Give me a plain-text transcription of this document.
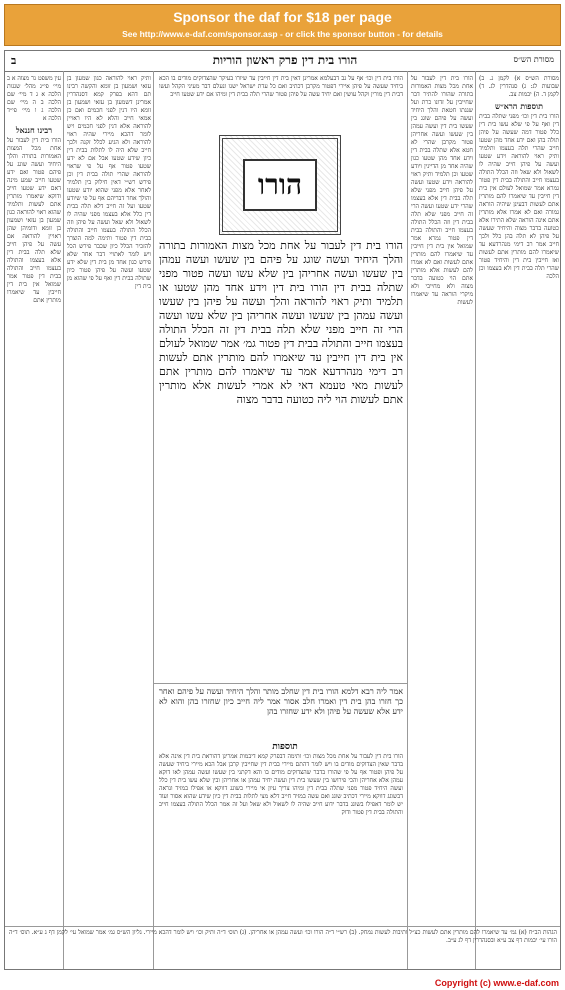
Sponsor the daf for $18 per page
See http://www.e-daf.com/sponsor.asp - or click the sponsor button - for details
מסורת הש״ס
הורו בית דין פרק ראשון הוריות
ב
עין משפט נר מצוה א ב מיי׳ פי״ג מהל׳ שגגות הלכה א ג ד מיי׳ שם הלכה ב ה מיי׳ שם הלכה ג ו מיי׳ פי״ד הלכה א
רבינו חננאל
הורו בית דין לעבור על אחת מכל המצות האמורות בתורה והלך היחיד ועשה שוגג על פיהם פטור ואם ידע שטעו חייב שמע מינה דאם ידע שטעו חייב ודוקא שיאמרו מותרין אתם לעשות ותלמיד שהוא ראוי להוראה כגון שמעון בן עזאי ושמעון בן זומא ודומיהן שהן ראויין להוראה אם עשה על פיהן חייב שלא תלה בבית דין אלא בעצמו והתולה בעצמו חייב והתולה בבית דין פטור אמר שמואל אין בית דין חייבין עד שיאמרו מותרין אתם
ותיק ראוי להוראה כגון שמעון בן עזאי ושמעון בן זומא והקשה רבינו תם דהא בפרק קמא דסנהדרין אמרינן דשמעון בן עזאי ושמעון בן זומא היו דנין לפני חכמים ואם כן אמאי חייב והלא לא היו ראויין להוראה אלא דנין לפני חכמים ויש לומר דהכא מיירי שהיה ראוי להוראה ולא הגיע לכלל זקנה ולכך חייב שלא היה לו לתלות בבית דין כיון שידע שטעו אבל אם לא ידע שטעו פטור אף על פי שראוי להוראה שהרי תולה בבית דין וכן פירש רש״י דאין חילוק בין תלמיד לאחר אלא מפני שהוא יודע שטעו והולך אחר דבריהם אף על פי שיודע שטעו ועל זה חייב דלא תלה בבית דין כלל אלא בעצמו מפני שהיה לו לשאול ולא שאל ועשה על פיהן וזה הכלל התולה בעצמו חייב והתולה בבית דין פטור ותימה למה הוצרך להזכיר הכלל כיון שכבר פירש הכל ויש לומר לאתויי דבר אחר שלא פירש כגון אחד מן בית דין שלא ידע שטעו ועשה על פיהן פטור כיון שתולה בבית דין ואף על פי שהוא מן בית דין
הורו
הורו בית דין וכו׳ אף על גב דבעלמא אמרינן דאין בית דין חייבין עד שיורו בעיקר שהצדוקים מודים בו הכא ביחיד שעשה על פיהן איירי דפטור מקרבן דכתיב ואם כל עדת ישראל ישגו ונעלם דבר מעיני הקהל ועשו דבית דין מורין וקהל עושין ואם יחיד עשה על פיהן פטור שהרי תלה בבית דין ומיהו אם ידע שטעו חייב
הורו בית דין לעבור על אחת מכל מצות האמורות בתורה והלך היחיד ועשה שוגג על פיהם בין שעשו ועשה עמהן בין שעשו ועשה אחריהן בין שלא עשו ועשה פטור מפני שתלה בבית דין הורו בית דין וידע אחד מהן שטעו או תלמיד ותיק ראוי להוראה והלך ועשה על פיהן בין שעשו ועשה עמהן בין שעשו ועשה אחריהן בין שלא עשו ועשה הרי זה חייב מפני שלא תלה בבית דין זה הכלל התולה בעצמו חייב והתולה בבית דין פטור גמ׳ אמר שמואל לעולם אין בית דין חייבין עד שיאמרו להם מותרין אתם לעשות רב דימי מנהרדעא אמר עד שיאמרו להם מותרין אתם לעשות מאי טעמא דאי לא אמרי לעשות אלא מותרין אתם לעשות הוי ליה כטועה בדבר מצוה
אמר ליה רבא דלמא הורו בית דין שחלב מותר והלך היחיד ועשה על פיהם ואחר כך חזרו בהן בית דין ואמרו חלב אסור אמר ליה חייב כיון שחזרו בהן והוא לא ידע אלא שעשה על פיהן ולא ידע שחזרו בהן
תוספות
הורו בית דין לעבור על אחת מכל מצות וכו׳ ותימה דבפרק קמא דיבמות אמרינן דהוראת בית דין אינה אלא בדבר שאין הצדוקים מודים בו ויש לומר דהתם מיירי בבית דין שחייבין קרבן אבל הכא מיירי ביחיד שעשה על פיהן ופטור אף על פי שהורו בדבר שהצדוקים מודים בו והא דקתני בין שעשו ועשה עמהן לאו דוקא עמהן אלא אחריהן והכי פירושו בין שעשו בית דין ועשה יחיד עמהן או אחריהן ובין שלא עשו בית דין כלל ועשה היחיד פטור מפני שתלה בבית דין ומיהו צריך עיון אי מיירי בשוגג דווקא או אפילו במזיד ונראה דבשוגג דווקא מיירי דכתיב שוגג ואם עשה במזיד חייב דלא מצי לתלות בבית דין כיון שידע שהוא אסור ועוד יש לומר דאפילו בשוגג בדבר ידוע חייב שהיה לו לשאול ולא שאל ועל זה אמר הכלל התולה בעצמו חייב והתולה בבית דין פטור ודוק
הורו בית דין לעבור על אחת מכל מצות האמורות בתורה שהורו להתיר דבר שחייבין על זדונו כרת ועל שגגתו חטאת והלך היחיד ועשה על פיהם שוגג בין שעשו בית דין ועשה עמהן בין שעשו ועשה אחריהן פטור מקרבן שהרי לא חטא אלא שתלה בבית דין וידע אחד מהן שטעו כגון שהיה אחד מן הדיינין ויודע שטעו וכן תלמיד ותיק ראוי להוראה וידע שטעו ועשה על פיהן חייב מפני שלא תלה בבית דין אלא בעצמו שהרי ידע שטעו ועשה הרי זה חייב מפני שלא תלה בבית דין וזה הכלל התולה בעצמו חייב והתולה בבית דין פטור גמרא אמר שמואל אין בית דין חייבין עד שיאמרו להם מותרין אתם לעשות ואם לא אמרו להם לעשות אלא מותרין אתם הוי כטועה בדבר מצוה ולא מחייבי ולא מיקרי הוראה עד שיאמרו לעשות
מסורת הש״ס א) לקמן ג. ב) שבועות לג: ג) סנהדרין לג. ד) לקמן ד. ה) יבמות צב.
תוספות הרא״ש
הורו בית דין וכו׳ מפני שתלה בבית דין ואף על פי שלא עשו בית דין כלל פטור דמה שעשה על פיהן תולה בהן ואם ידע אחד מהן שטעו חייב שהרי תלה בעצמו ותלמיד ותיק ראוי להוראה וידע שטעו ועשה על פיהן חייב שהיה לו לשאול ולא שאל וזה הכלל התולה בעצמו חייב והתולה בבית דין פטור גמרא אמר שמואל לעולם אין בית דין חייבין עד שיאמרו להם מותרין אתם לעשות דבעינן שיהיה הוראה גמורה ואם לא אמרו אלא מותרין אתם אינה הוראה שלא התירו אלא כטועה בדבר מצוה והיחיד שעשה על פיהן לא תלה בהן כלל ולכך חייב אמר רב דימי מנהרדעא עד שיאמרו להם מותרין אתם לעשות ואז חייבין בית דין והיחיד פטור שהרי תלה בבית דין ולא בעצמו וכן הלכה
הגהות הב״ח (א) גמ׳ עד שיאמרו להם מותרין אתם לעשות כצ״ל ותיבות לעשות נמחק. (ב) רש״י ד״ה הורו וכו׳ ועשה עמהן או אחריהן. (ג) תוס׳ ד״ה ותיק וכו׳ ויש לומר דהכא מיירי. גליון הש״ס גמ׳ אמר שמואל עי׳ לקמן דף ג ע״א. תוס׳ ד״ה הורו עי׳ יבמות דף צב ע״א ובסנהדרין דף לג ע״ב.
Copyright (c) www.e-daf.com
